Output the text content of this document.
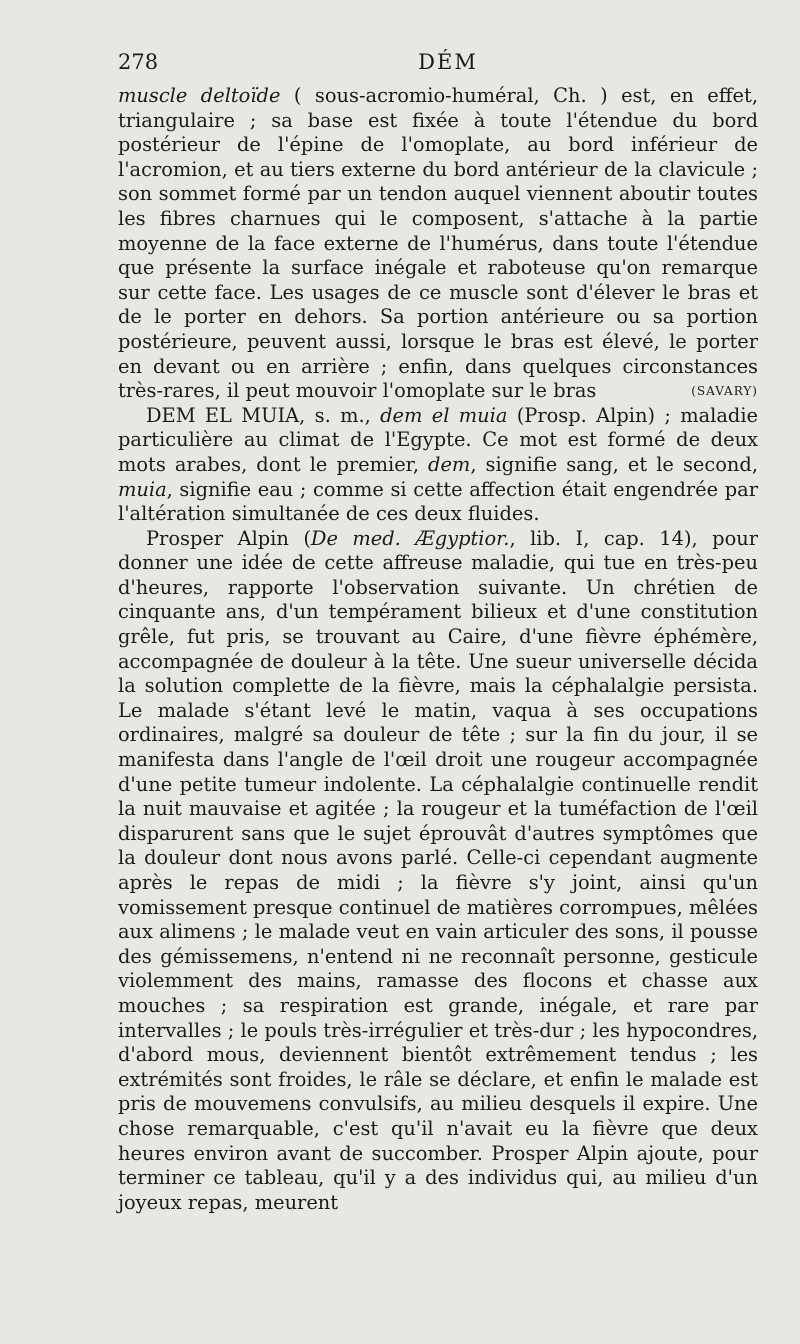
278	DÉM

muscle deltoïde ( sous-acromio-huméral, Ch. ) est, en effet, triangulaire ; sa base est fixée à toute l'étendue du bord postérieur de l'épine de l'omoplate, au bord inférieur de l'acromion, et au tiers externe du bord antérieur de la clavicule ; son sommet formé par un tendon auquel viennent aboutir toutes les fibres charnues qui le composent, s'attache à la partie moyenne de la face externe de l'humérus, dans toute l'étendue que présente la surface inégale et raboteuse qu'on remarque sur cette face. Les usages de ce muscle sont d'élever le bras et de le porter en dehors. Sa portion antérieure ou sa portion postérieure, peuvent aussi, lorsque le bras est élevé, le porter en devant ou en arrière ; enfin, dans quelques circonstances très-rares, il peut mouvoir l'omoplate sur le bras	(SAVARY)

DEM EL MUIA, s. m., dem el muia (Prosp. Alpin) ; maladie particulière au climat de l'Egypte. Ce mot est formé de deux mots arabes, dont le premier, dem, signifie sang, et le second, muia, signifie eau ; comme si cette affection était engendrée par l'altération simultanée de ces deux fluides.

Prosper Alpin (De med. Ægyptior., lib. I, cap. 14), pour donner une idée de cette affreuse maladie, qui tue en très-peu d'heures, rapporte l'observation suivante. Un chrétien de cinquante ans, d'un tempérament bilieux et d'une constitution grêle, fut pris, se trouvant au Caire, d'une fièvre éphémère, accompagnée de douleur à la tête. Une sueur universelle décida la solution complette de la fièvre, mais la céphalalgie persista. Le malade s'étant levé le matin, vaqua à ses occupations ordinaires, malgré sa douleur de tête ; sur la fin du jour, il se manifesta dans l'angle de l'œil droit une rougeur accompagnée d'une petite tumeur indolente. La céphalalgie continuelle rendit la nuit mauvaise et agitée ; la rougeur et la tuméfaction de l'œil disparurent sans que le sujet éprouvât d'autres symptômes que la douleur dont nous avons parlé. Celle-ci cependant augmente après le repas de midi ; la fièvre s'y joint, ainsi qu'un vomissement presque continuel de matières corrompues, mêlées aux alimens ; le malade veut en vain articuler des sons, il pousse des gémissemens, n'entend ni ne reconnaît personne, gesticule violemment des mains, ramasse des flocons et chasse aux mouches ; sa respiration est grande, inégale, et rare par intervalles ; le pouls très-irrégulier et très-dur ; les hypocondres, d'abord mous, deviennent bientôt extrêmement tendus ; les extrémités sont froides, le râle se déclare, et enfin le malade est pris de mouvemens convulsifs, au milieu desquels il expire. Une chose remarquable, c'est qu'il n'avait eu la fièvre que deux heures environ avant de succomber. Prosper Alpin ajoute, pour terminer ce tableau, qu'il y a des individus qui, au milieu d'un joyeux repas, meurent
